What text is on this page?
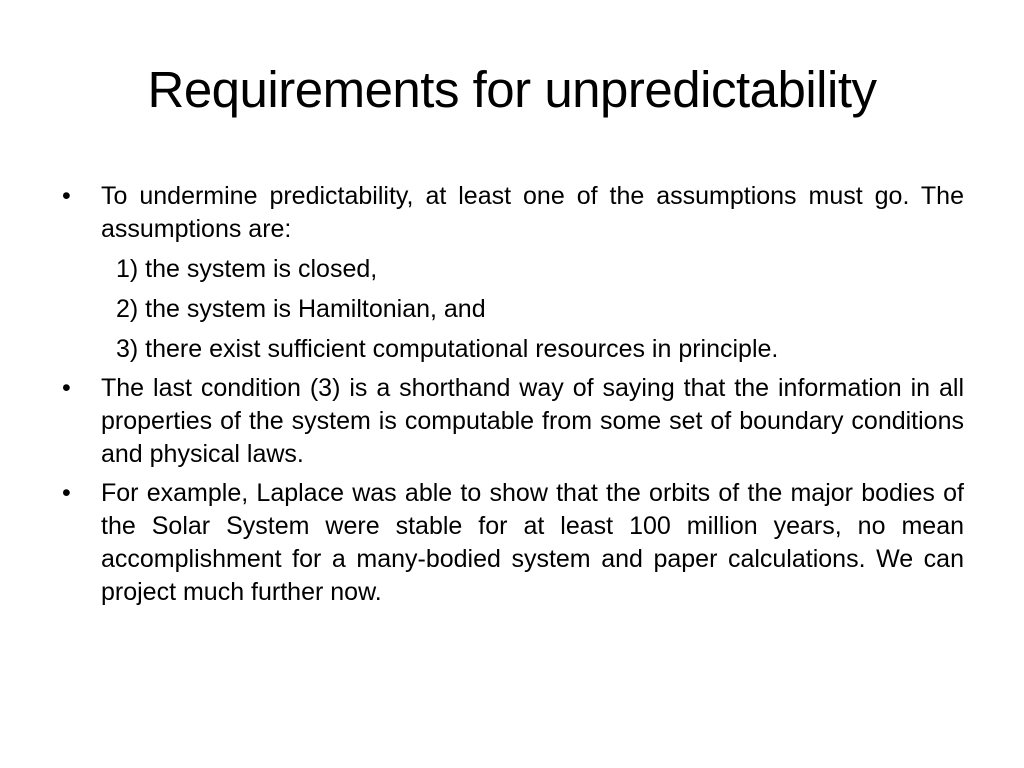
Requirements for unpredictability
• To undermine predictability, at least one of the assumptions must go. The assumptions are:
1) the system is closed,
2) the system is Hamiltonian, and
3) there exist sufficient computational resources in principle.
• The last condition (3) is a shorthand way of saying that the information in all properties of the system is computable from some set of boundary conditions and physical laws.
• For example, Laplace was able to show that the orbits of the major bodies of the Solar System were stable for at least 100 million years, no mean accomplishment for a many-bodied system and paper calculations. We can project much further now.
